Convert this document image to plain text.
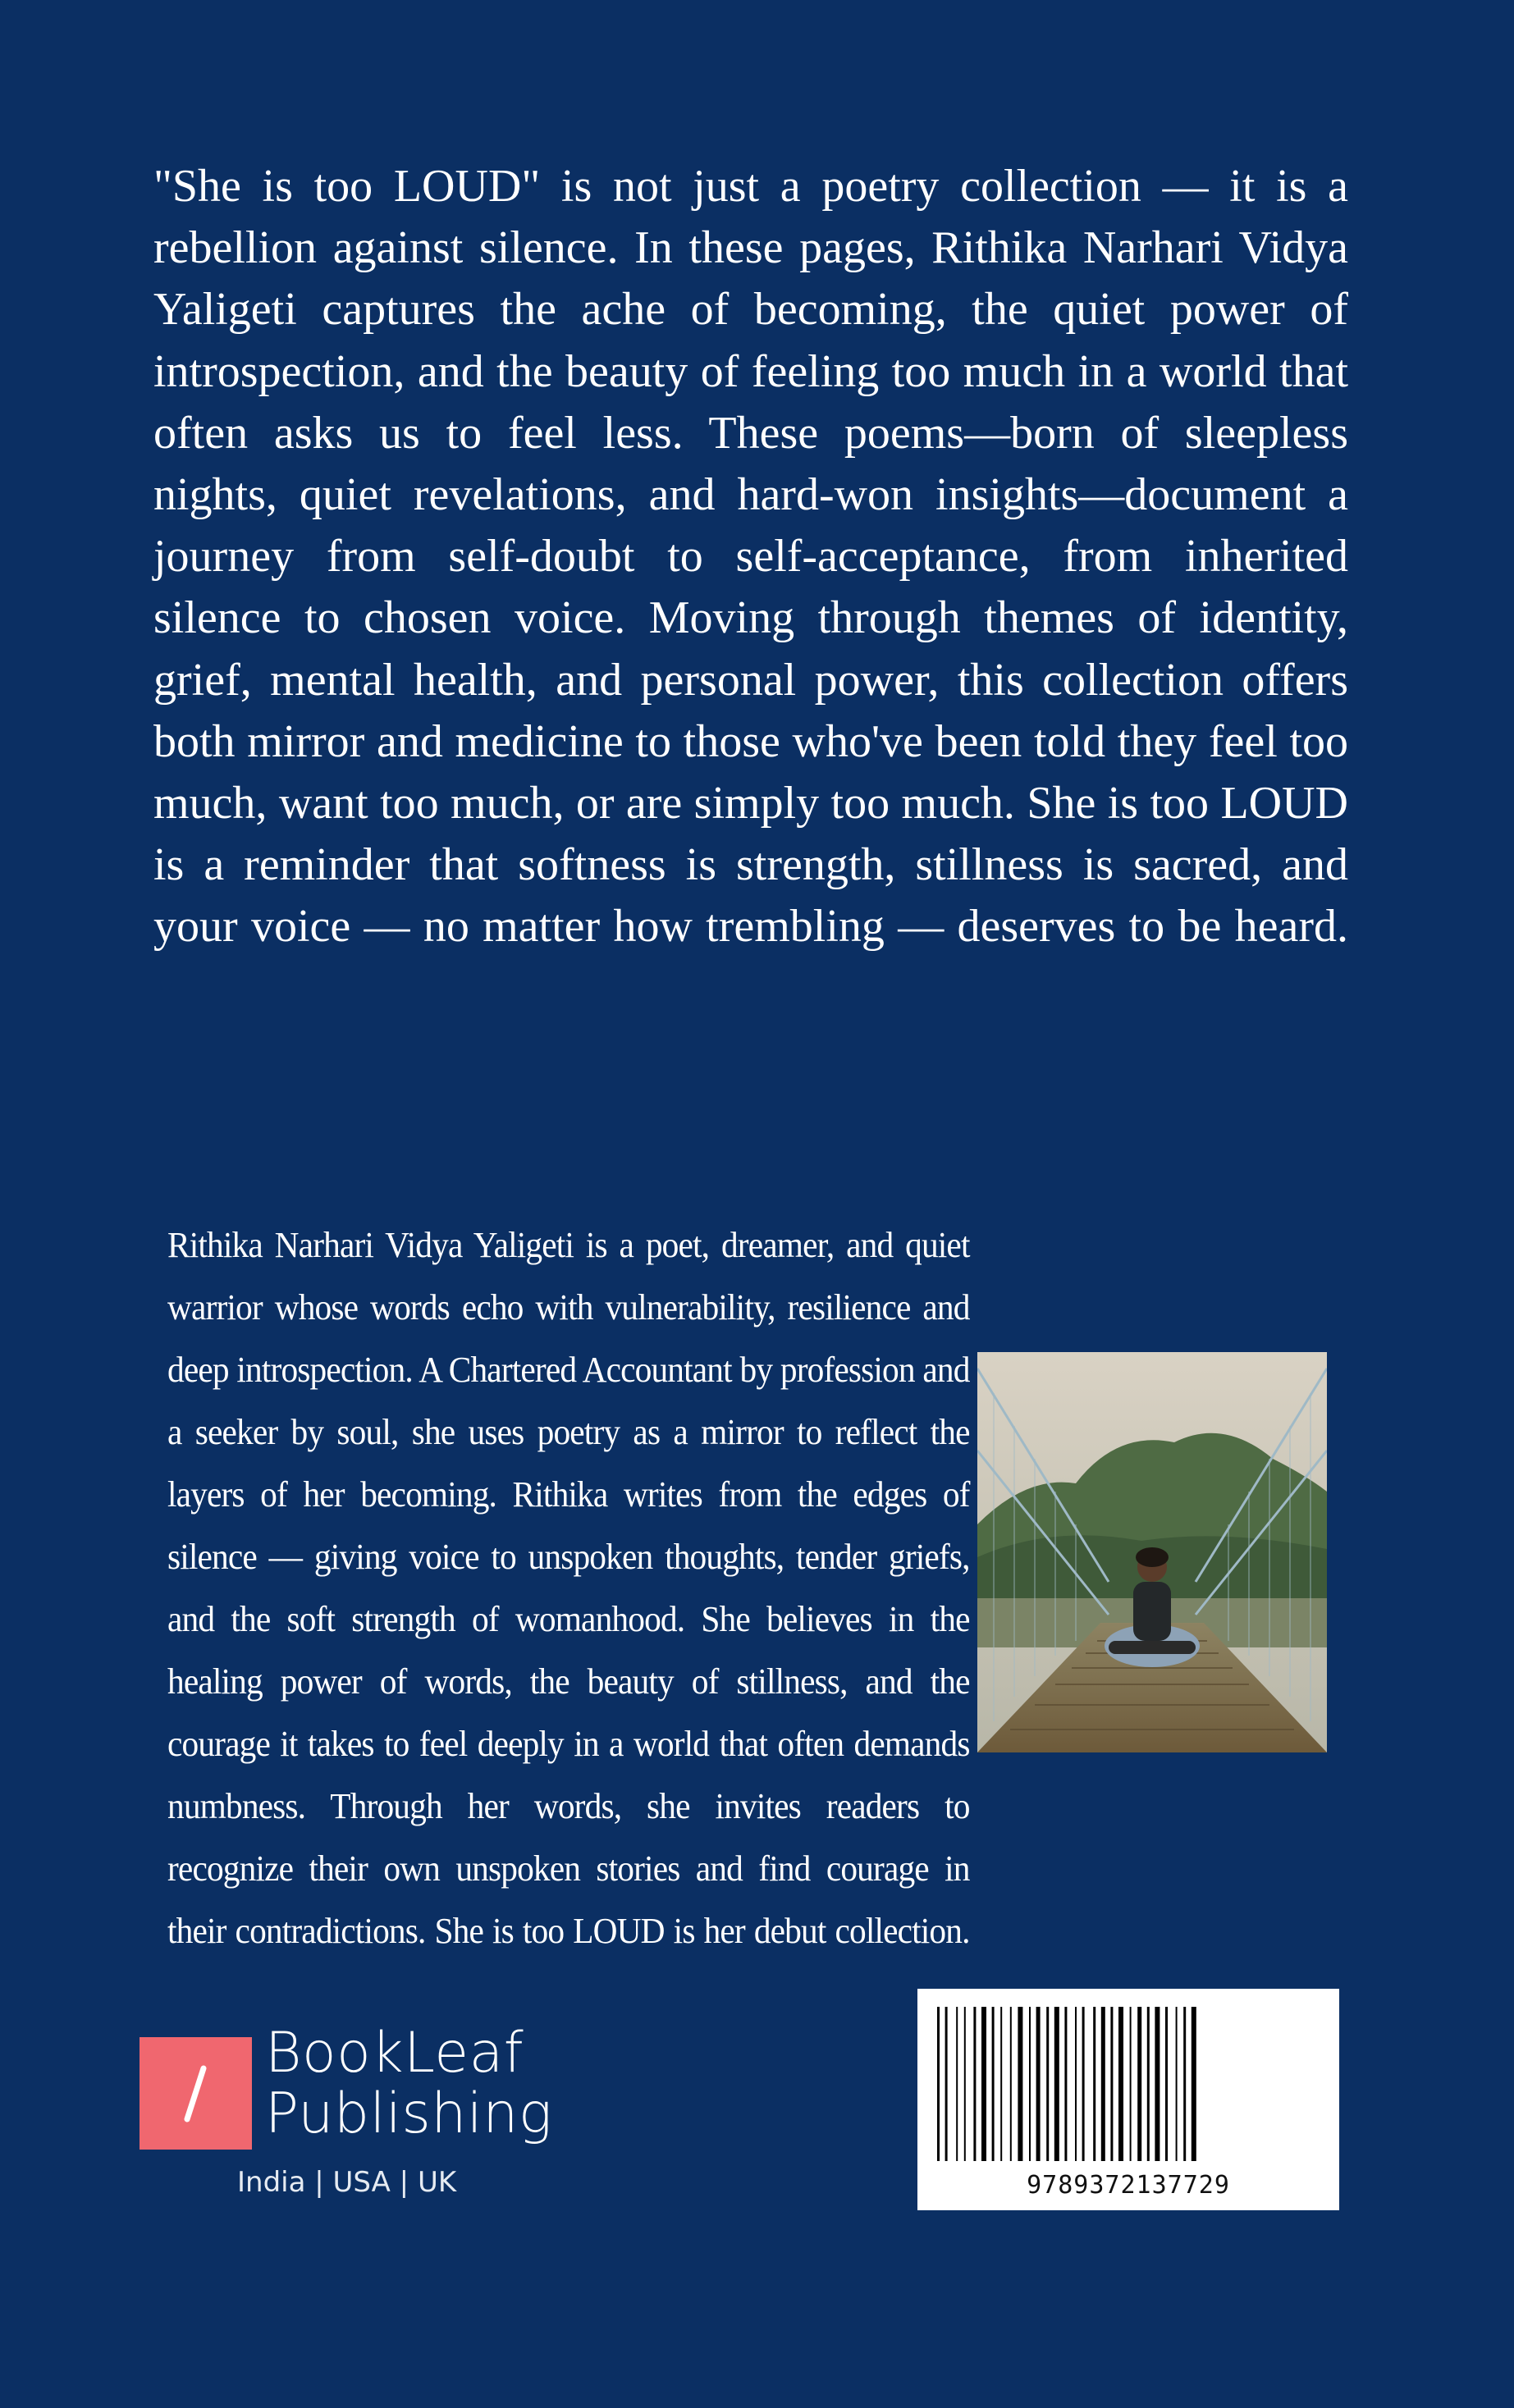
"She is too LOUD" is not just a poetry collection — it is a rebellion against silence. In these pages, Rithika Narhari Vidya Yaligeti captures the ache of becoming, the quiet power of introspection, and the beauty of feeling too much in a world that often asks us to feel less. These poems—born of sleepless nights, quiet revelations, and hard-won insights—document a journey from self-doubt to self-acceptance, from inherited silence to chosen voice. Moving through themes of identity, grief, mental health, and personal power, this collection offers both mirror and medicine to those who've been told they feel too much, want too much, or are simply too much. She is too LOUD is a reminder that softness is strength, stillness is sacred, and your voice — no matter how trembling — deserves to be heard.

Rithika Narhari Vidya Yaligeti is a poet, dreamer, and quiet warrior whose words echo with vulnerability, resilience and deep introspection. A Chartered Accountant by profession and a seeker by soul, she uses poetry as a mirror to reflect the layers of her becoming. Rithika writes from the edges of silence — giving voice to unspoken thoughts, tender griefs, and the soft strength of womanhood. She believes in the healing power of words, the beauty of stillness, and the courage it takes to feel deeply in a world that often demands numbness. Through her words, she invites readers to recognize their own unspoken stories and find courage in their contradictions. She is too LOUD is her debut collection.

BookLeaf
Publishing
India | USA | UK	9789372137729
